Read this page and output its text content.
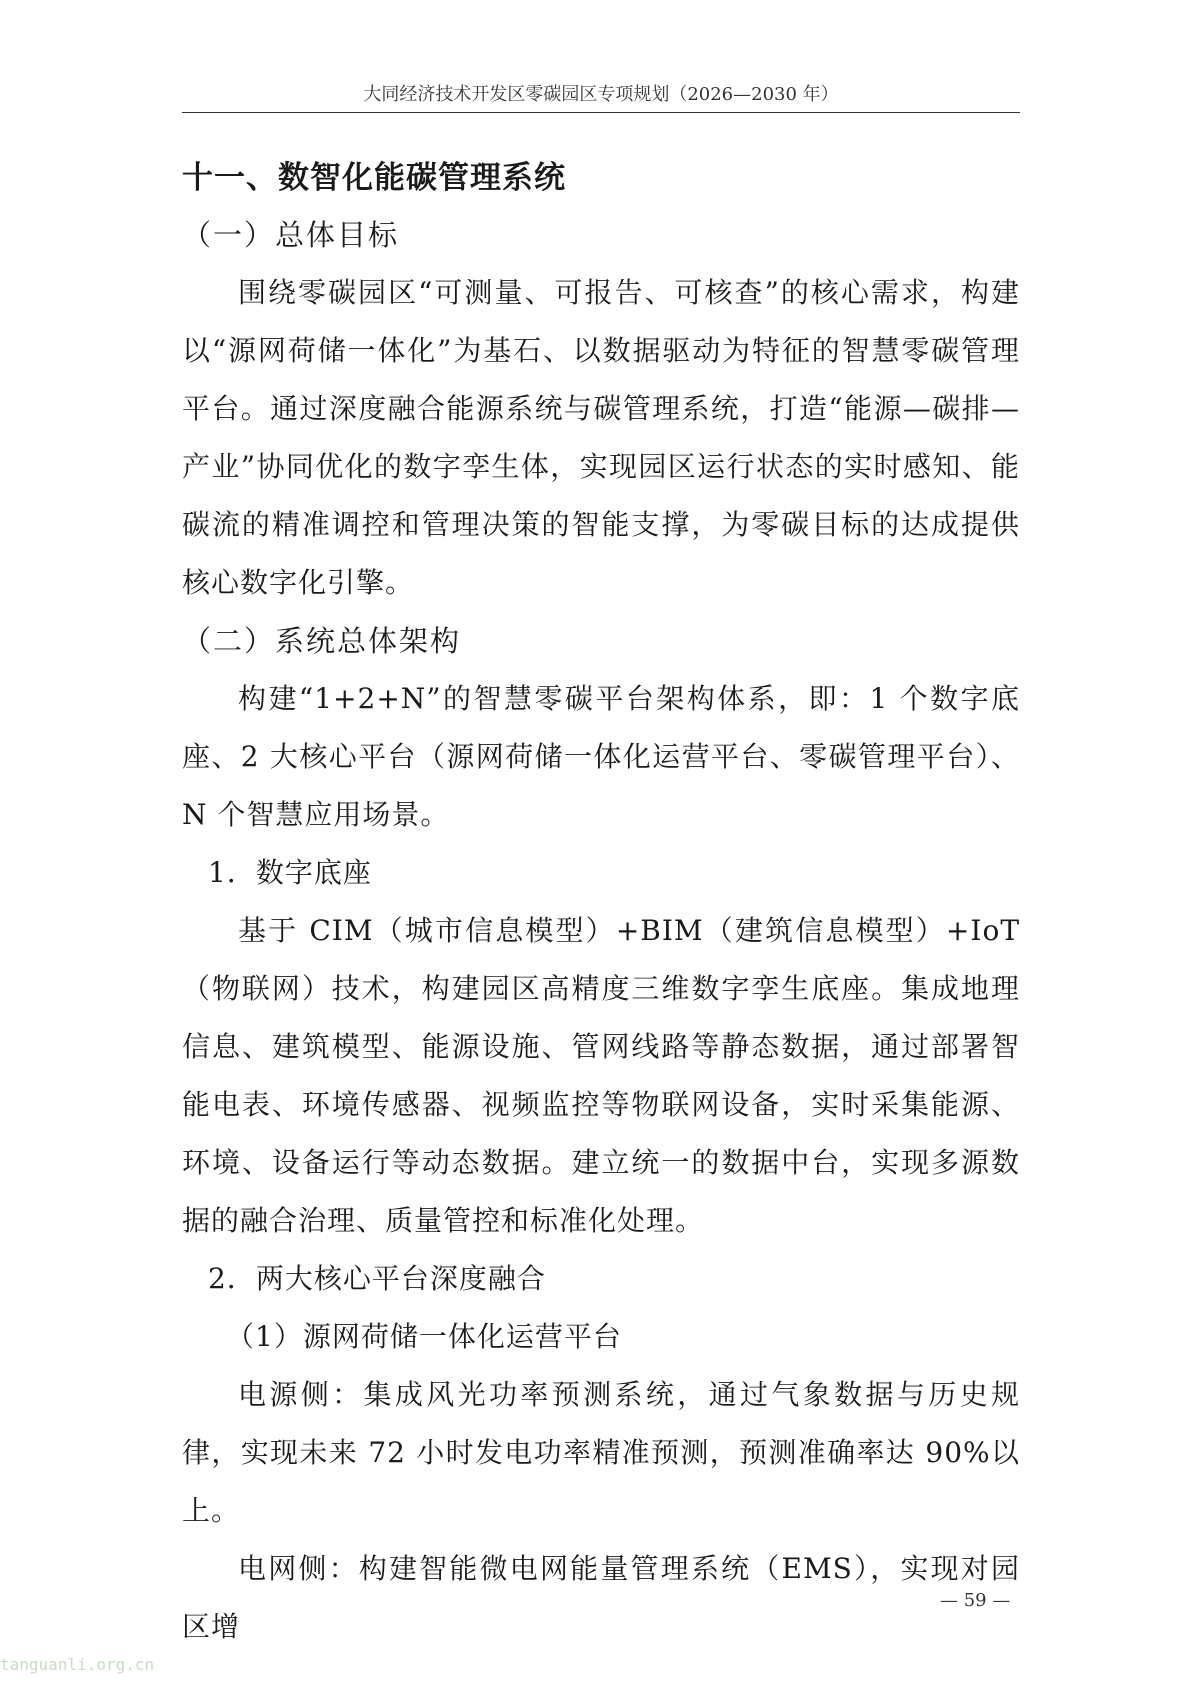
大同经济技术开发区零碳园区专项规划（2026—2030 年）

十一、数智化能碳管理系统

（一）总体目标

围绕零碳园区“可测量、可报告、可核查”的核心需求，构建以“源网荷储一体化”为基石、以数据驱动为特征的智慧零碳管理平台。通过深度融合能源系统与碳管理系统，打造“能源—碳排—产业”协同优化的数字孪生体，实现园区运行状态的实时感知、能碳流的精准调控和管理决策的智能支撑，为零碳目标的达成提供核心数字化引擎。

（二）系统总体架构

构建“1+2+N”的智慧零碳平台架构体系，即：1 个数字底座、2 大核心平台（源网荷储一体化运营平台、零碳管理平台）、N 个智慧应用场景。

1．数字底座

基于 CIM（城市信息模型）+BIM（建筑信息模型）+IoT（物联网）技术，构建园区高精度三维数字孪生底座。集成地理信息、建筑模型、能源设施、管网线路等静态数据，通过部署智能电表、环境传感器、视频监控等物联网设备，实时采集能源、环境、设备运行等动态数据。建立统一的数据中台，实现多源数据的融合治理、质量管控和标准化处理。

2．两大核心平台深度融合

（1）源网荷储一体化运营平台

电源侧：集成风光功率预测系统，通过气象数据与历史规律，实现未来 72 小时发电功率精准预测，预测准确率达 90%以上。

电网侧：构建智能微电网能量管理系统（EMS），实现对园区增

— 59 —
tanguanli.org.cn
